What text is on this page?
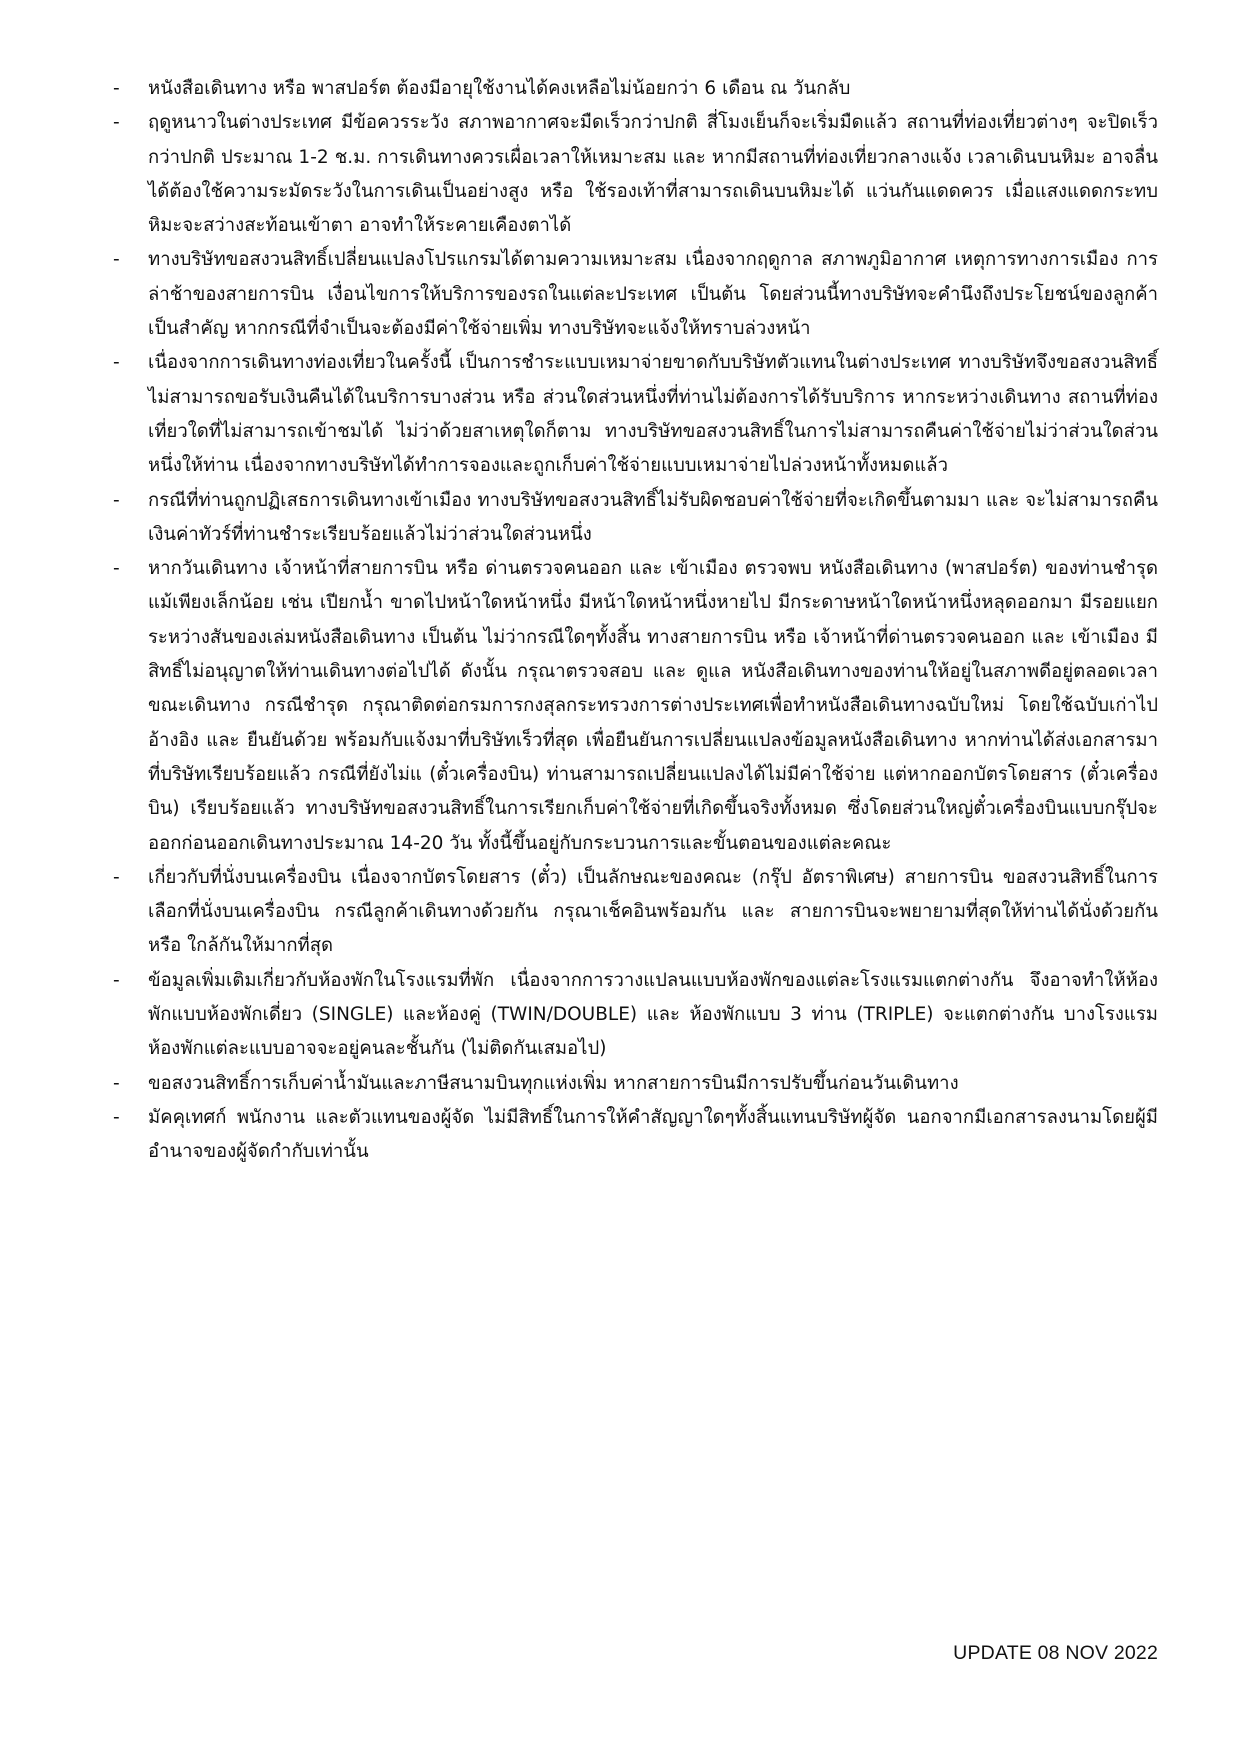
-	หนังสือเดินทาง หรือ พาสปอร์ต ต้องมีอายุใช้งานได้คงเหลือไม่น้อยกว่า 6 เดือน ณ วันกลับ
-	ฤดูหนาวในต่างประเทศ มีข้อควรระวัง สภาพอากาศจะมืดเร็วกว่าปกติ สี่โมงเย็นก็จะเริ่มมืดแล้ว สถานที่ท่องเที่ยวต่างๆ จะปิดเร็วกว่าปกติ ประมาณ 1-2 ช.ม. การเดินทางควรเผื่อเวลาให้เหมาะสม และ หากมีสถานที่ท่องเที่ยวกลางแจ้ง เวลาเดินบนหิมะ อาจลื่นได้ต้องใช้ความระมัดระวังในการเดินเป็นอย่างสูง หรือ ใช้รองเท้าที่สามารถเดินบนหิมะได้ แว่นกันแดดควร เมื่อแสงแดดกระทบหิมะจะสว่างสะท้อนเข้าตา อาจทำให้ระคายเคืองตาได้
-	ทางบริษัทขอสงวนสิทธิ์เปลี่ยนแปลงโปรแกรมได้ตามความเหมาะสม เนื่องจากฤดูกาล สภาพภูมิอากาศ เหตุการทางการเมือง การล่าช้าของสายการบิน เงื่อนไขการให้บริการของรถในแต่ละประเทศ เป็นต้น โดยส่วนนี้ทางบริษัทจะคำนึงถึงประโยชน์ของลูกค้าเป็นสำคัญ หากกรณีที่จำเป็นจะต้องมีค่าใช้จ่ายเพิ่ม ทางบริษัทจะแจ้งให้ทราบล่วงหน้า
-	เนื่องจากการเดินทางท่องเที่ยวในครั้งนี้ เป็นการชำระแบบเหมาจ่ายขาดกับบริษัทตัวแทนในต่างประเทศ ทางบริษัทจึงขอสงวนสิทธิ์ ไม่สามารถขอรับเงินคืนได้ในบริการบางส่วน หรือ ส่วนใดส่วนหนึ่งที่ท่านไม่ต้องการได้รับบริการ หากระหว่างเดินทาง สถานที่ท่องเที่ยวใดที่ไม่สามารถเข้าชมได้ ไม่ว่าด้วยสาเหตุใดก็ตาม ทางบริษัทขอสงวนสิทธิ์ในการไม่สามารถคืนค่าใช้จ่ายไม่ว่าส่วนใดส่วนหนึ่งให้ท่าน เนื่องจากทางบริษัทได้ทำการจองและถูกเก็บค่าใช้จ่ายแบบเหมาจ่ายไปล่วงหน้าทั้งหมดแล้ว
-	กรณีที่ท่านถูกปฏิเสธการเดินทางเข้าเมือง ทางบริษัทขอสงวนสิทธิ์ไม่รับผิดชอบค่าใช้จ่ายที่จะเกิดขึ้นตามมา และ จะไม่สามารถคืนเงินค่าทัวร์ที่ท่านชำระเรียบร้อยแล้วไม่ว่าส่วนใดส่วนหนึ่ง
-	หากวันเดินทาง เจ้าหน้าที่สายการบิน หรือ ด่านตรวจคนออก และ เข้าเมือง ตรวจพบ หนังสือเดินทาง (พาสปอร์ต) ของท่านชำรุดแม้เพียงเล็กน้อย เช่น เปียกน้ำ ขาดไปหน้าใดหน้าหนึ่ง มีหน้าใดหน้าหนึ่งหายไป มีกระดาษหน้าใดหน้าหนึ่งหลุดออกมา มีรอยแยกระหว่างสันของเล่มหนังสือเดินทาง เป็นต้น ไม่ว่ากรณีใดๆทั้งสิ้น ทางสายการบิน หรือ เจ้าหน้าที่ด่านตรวจคนออก และ เข้าเมือง มีสิทธิ์ไม่อนุญาตให้ท่านเดินทางต่อไปได้ ดังนั้น กรุณาตรวจสอบ และ ดูแล หนังสือเดินทางของท่านให้อยู่ในสภาพดีอยู่ตลอดเวลา ขณะเดินทาง กรณีชำรุด กรุณาติดต่อกรมการกงสุลกระทรวงการต่างประเทศเพื่อทำหนังสือเดินทางฉบับใหม่ โดยใช้ฉบับเก่าไปอ้างอิง และ ยืนยันด้วย พร้อมกับแจ้งมาที่บริษัทเร็วที่สุด เพื่อยืนยันการเปลี่ยนแปลงข้อมูลหนังสือเดินทาง หากท่านได้ส่งเอกสารมาที่บริษัทเรียบร้อยแล้ว กรณีที่ยังไม่แ (ตั๋วเครื่องบิน) ท่านสามารถเปลี่ยนแปลงได้ไม่มีค่าใช้จ่าย แต่หากออกบัตรโดยสาร (ตั๋วเครื่องบิน) เรียบร้อยแล้ว ทางบริษัทขอสงวนสิทธิ์ในการเรียกเก็บค่าใช้จ่ายที่เกิดขึ้นจริงทั้งหมด ซึ่งโดยส่วนใหญ่ตั๋วเครื่องบินแบบกรุ๊ปจะออกก่อนออกเดินทางประมาณ 14-20 วัน ทั้งนี้ขึ้นอยู่กับกระบวนการและขั้นตอนของแต่ละคณะ
-	เกี่ยวกับที่นั่งบนเครื่องบิน เนื่องจากบัตรโดยสาร (ตั๋ว) เป็นลักษณะของคณะ (กรุ๊ป อัตราพิเศษ) สายการบิน ขอสงวนสิทธิ์ในการเลือกที่นั่งบนเครื่องบิน กรณีลูกค้าเดินทางด้วยกัน กรุณาเช็คอินพร้อมกัน และ สายการบินจะพยายามที่สุดให้ท่านได้นั่งด้วยกัน หรือ ใกล้กันให้มากที่สุด
-	ข้อมูลเพิ่มเติมเกี่ยวกับห้องพักในโรงแรมที่พัก เนื่องจากการวางแปลนแบบห้องพักของแต่ละโรงแรมแตกต่างกัน จึงอาจทำให้ห้องพักแบบห้องพักเดี่ยว (SINGLE) และห้องคู่ (TWIN/DOUBLE) และ ห้องพักแบบ 3 ท่าน (TRIPLE) จะแตกต่างกัน บางโรงแรม ห้องพักแต่ละแบบอาจจะอยู่คนละชั้นกัน (ไม่ติดกันเสมอไป)
-	ขอสงวนสิทธิ์การเก็บค่าน้ำมันและภาษีสนามบินทุกแห่งเพิ่ม หากสายการบินมีการปรับขึ้นก่อนวันเดินทาง
-	มัคคุเทศก์ พนักงาน และตัวแทนของผู้จัด ไม่มีสิทธิ์ในการให้คำสัญญาใดๆทั้งสิ้นแทนบริษัทผู้จัด นอกจากมีเอกสารลงนามโดยผู้มีอำนาจของผู้จัดกำกับเท่านั้น
UPDATE 08 NOV 2022
